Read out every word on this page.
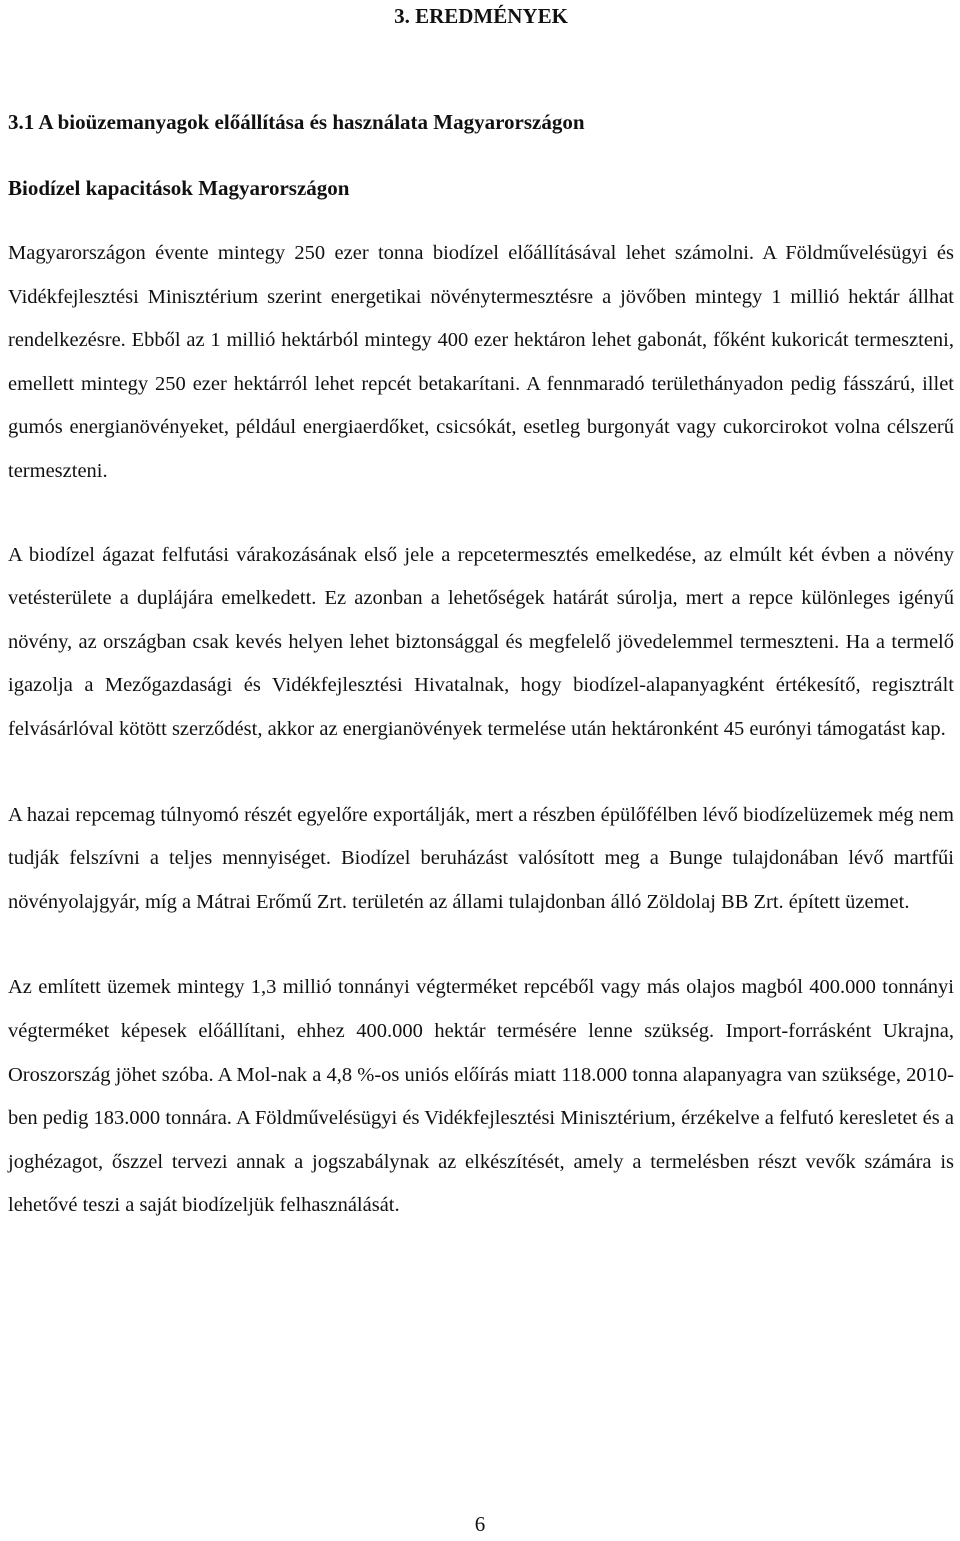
3. EREDMÉNYEK
3.1 A bioüzemanyagok előállítása és használata Magyarországon
Biodízel kapacitások Magyarországon

Magyarországon évente mintegy 250 ezer tonna biodízel előállításával lehet számolni. A Földművelésügyi és Vidékfejlesztési Minisztérium szerint energetikai növénytermesztésre a jövőben mintegy 1 millió hektár állhat rendelkezésre. Ebből az 1 millió hektárból mintegy 400 ezer hektáron lehet gabonát, főként kukoricát termeszteni, emellett mintegy 250 ezer hektárról lehet repcét betakarítani. A fennmaradó területhányadon pedig fásszárú, illet gumós energianövényeket, például energiaerdőket, csicsókát, esetleg burgonyát vagy cukorcirokot volna célszerű termeszteni.

A biodízel ágazat felfutási várakozásának első jele a repcetermesztés emelkedése, az elmúlt két évben a növény vetésterülete a duplájára emelkedett. Ez azonban a lehetőségek határát súrolja, mert a repce különleges igényű növény, az országban csak kevés helyen lehet biztonsággal és megfelelő jövedelemmel termeszteni. Ha a termelő igazolja a Mezőgazdasági és Vidékfejlesztési Hivatalnak, hogy biodízel-alapanyagként értékesítő, regisztrált felvásárlóval kötött szerződést, akkor az energianövények termelése után hektáronként 45 eurónyi támogatást kap.

A hazai repcemag túlnyomó részét egyelőre exportálják, mert a részben épülőfélben lévő biodízelüzemek még nem tudják felszívni a teljes mennyiséget. Biodízel beruházást valósított meg a Bunge tulajdonában lévő martfűi növényolajgyár, míg a Mátrai Erőmű Zrt. területén az állami tulajdonban álló Zöldolaj BB Zrt. épített üzemet.

Az említett üzemek mintegy 1,3 millió tonnányi végterméket repcéből vagy más olajos magból 400.000 tonnányi végterméket képesek előállítani, ehhez 400.000 hektár termésére lenne szükség. Import-forrásként Ukrajna, Oroszország jöhet szóba. A Mol-nak a 4,8 %-os uniós előírás miatt 118.000 tonna alapanyagra van szüksége, 2010-ben pedig 183.000 tonnára. A Földművelésügyi és Vidékfejlesztési Minisztérium, érzékelve a felfutó keresletet és a joghézagot, őszzel tervezi annak a jogszabálynak az elkészítését, amely a termelésben részt vevők számára is lehetővé teszi a saját biodízeljük felhasználását.

6
